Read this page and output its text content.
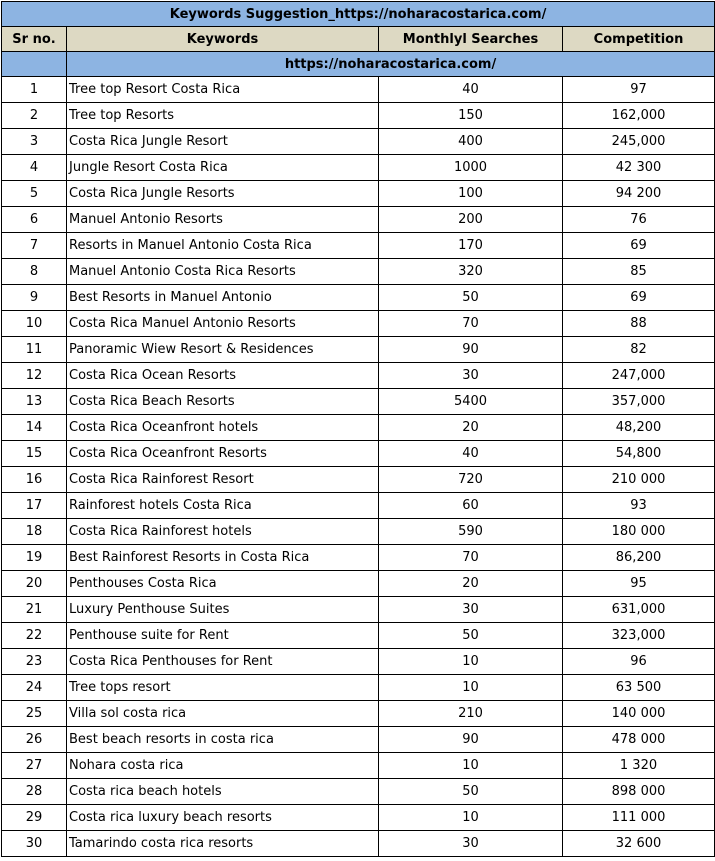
Keywords Suggestion_https://noharacostarica.com/			
Sr no.	Keywords	Monthlyl Searches	Competition
	https://noharacostarica.com/		
1	Tree top Resort Costa Rica	40	97
2	Tree top Resorts	150	162,000
3	Costa Rica Jungle Resort	400	245,000
4	Jungle Resort Costa Rica	1000	42 300
5	Costa Rica Jungle Resorts	100	94 200
6	Manuel Antonio Resorts	200	76
7	Resorts in Manuel Antonio Costa Rica	170	69
8	Manuel Antonio Costa Rica Resorts	320	85
9	Best Resorts in Manuel Antonio	50	69
10	Costa Rica Manuel Antonio Resorts	70	88
11	Panoramic Wiew Resort & Residences	90	82
12	Costa Rica Ocean Resorts	30	247,000
13	Costa Rica Beach Resorts	5400	357,000
14	Costa Rica Oceanfront hotels	20	48,200
15	Costa Rica Oceanfront Resorts	40	54,800
16	Costa Rica Rainforest Resort	720	210 000
17	Rainforest hotels Costa Rica	60	93
18	Costa Rica Rainforest hotels	590	180 000
19	Best Rainforest Resorts in Costa Rica	70	86,200
20	Penthouses Costa Rica	20	95
21	Luxury Penthouse Suites	30	631,000
22	Penthouse suite for Rent	50	323,000
23	Costa Rica Penthouses for Rent	10	96
24	Tree tops resort	10	63 500
25	Villa sol costa rica	210	140 000
26	Best beach resorts in costa rica	90	478 000
27	Nohara costa rica	10	1 320
28	Costa rica beach hotels	50	898 000
29	Costa rica luxury beach resorts	10	111 000
30	Tamarindo costa rica resorts	30	32 600
